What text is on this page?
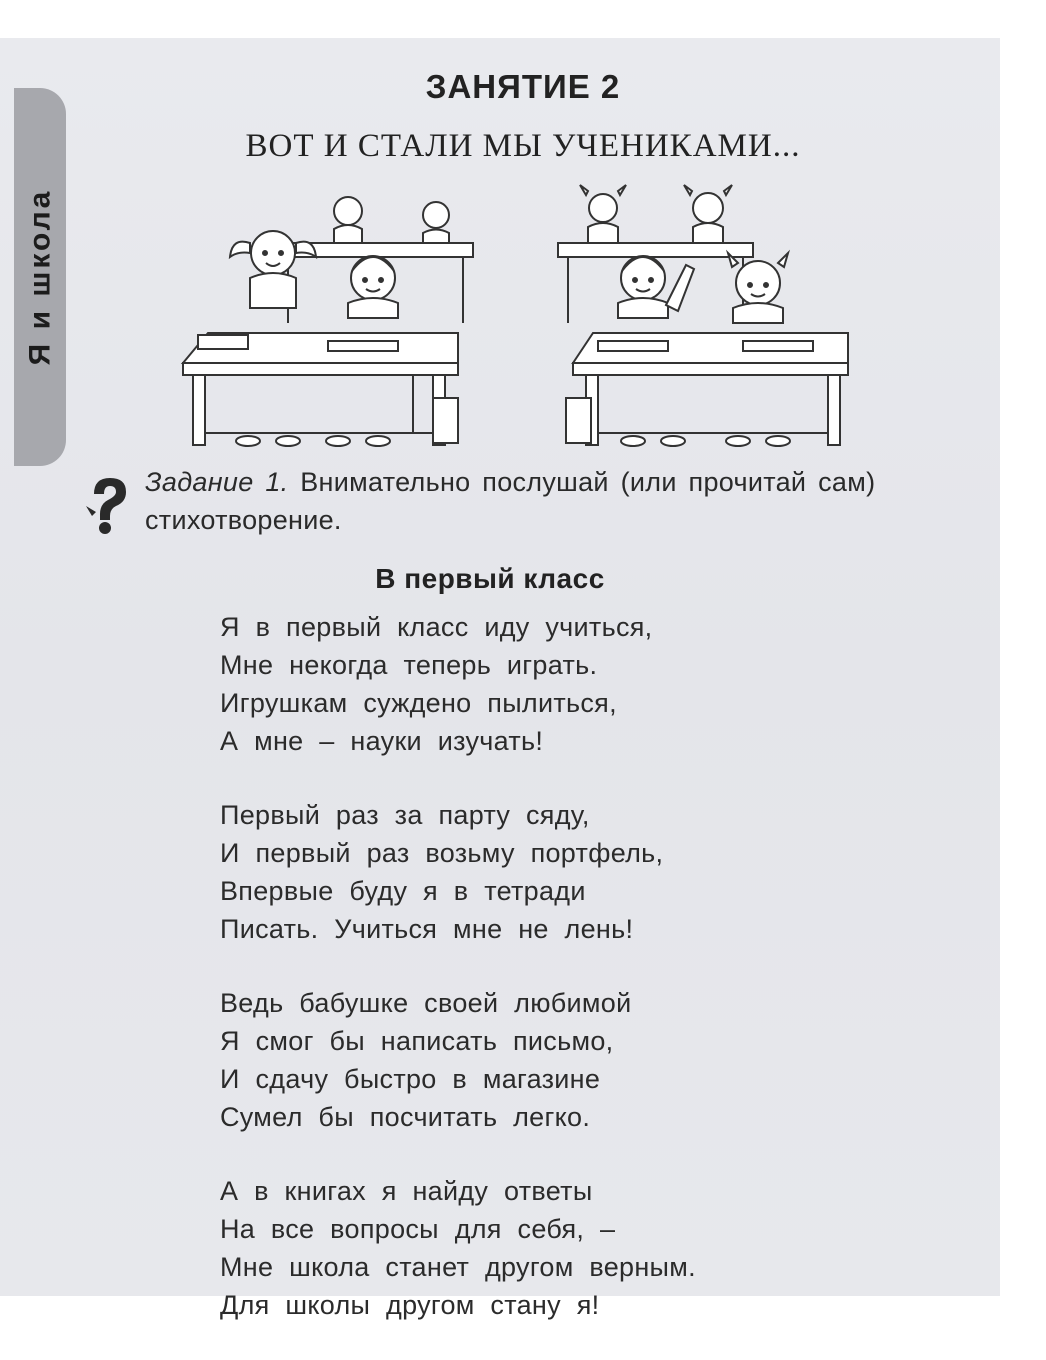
Я и школа
ЗАНЯТИЕ 2
ВОТ И СТАЛИ МЫ УЧЕНИКАМИ...
Задание 1. Внимательно послушай (или прочитай сам) стихотворение.
В первый класс
Я в первый класс иду учиться,
Мне некогда теперь играть.
Игрушкам суждено пылиться,
А мне – науки изучать!
Первый раз за парту сяду,
И первый раз возьму портфель,
Впервые буду я в тетради
Писать. Учиться мне не лень!
Ведь бабушке своей любимой
Я смог бы написать письмо,
И сдачу быстро в магазине
Сумел бы посчитать легко.
А в книгах я найду ответы
На все вопросы для себя, –
Мне школа станет другом верным.
Для школы другом стану я!
